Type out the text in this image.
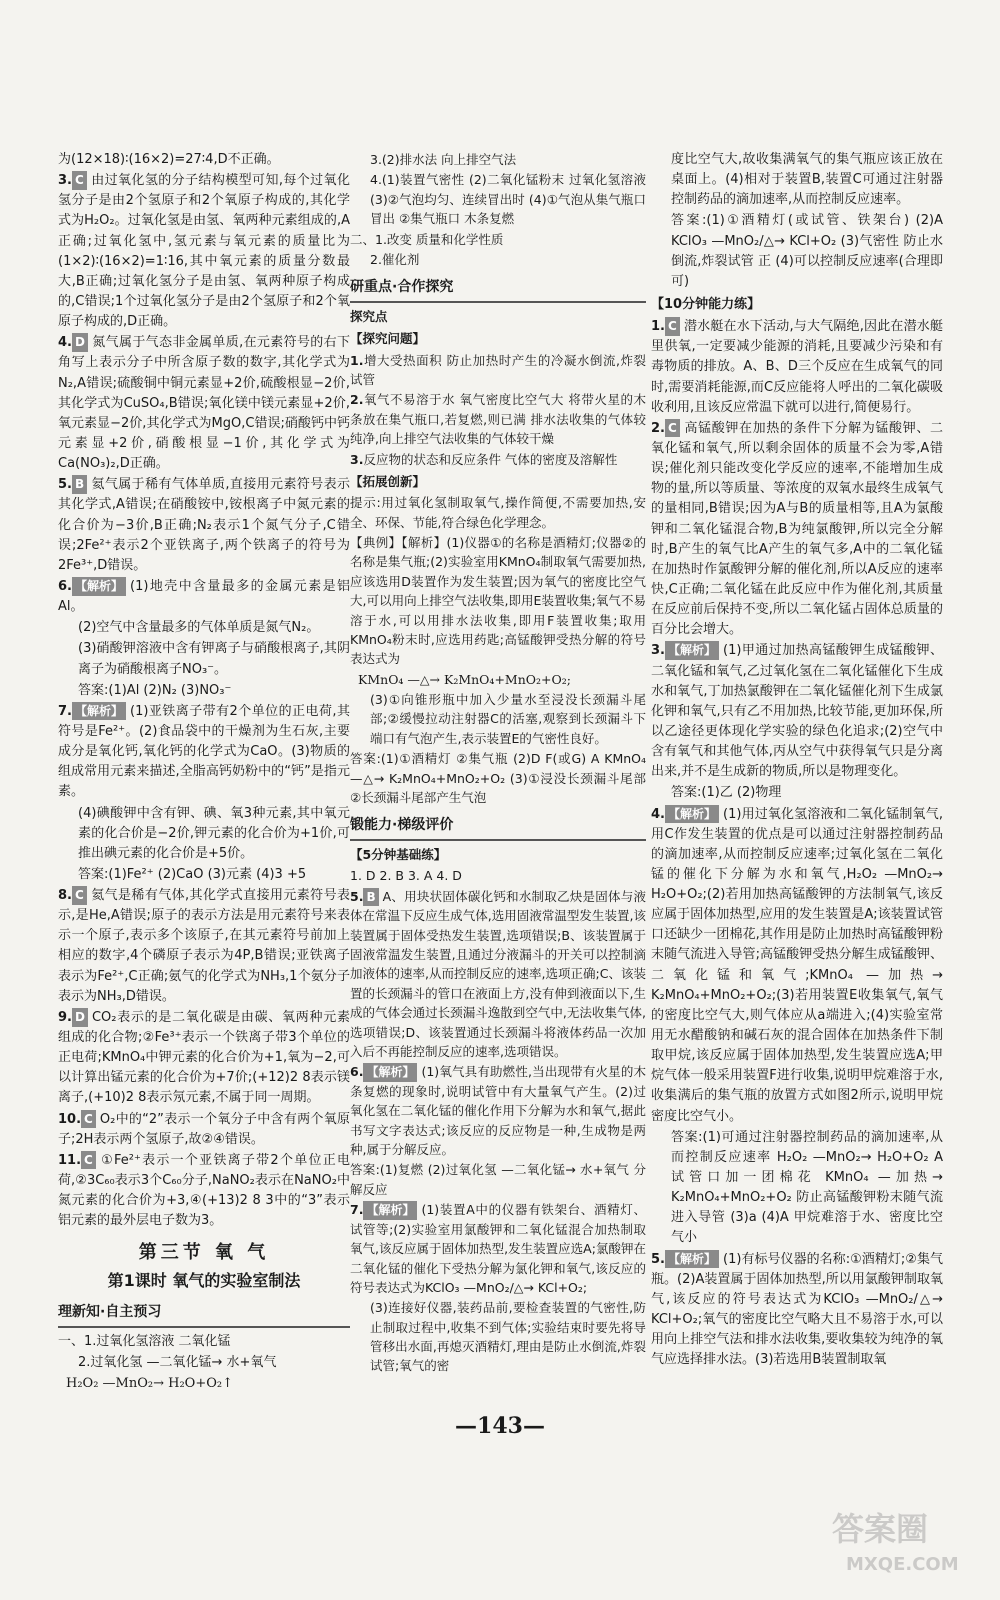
为(12×18)∶(16×2)=27∶4,D不正确。

3. C 由过氧化氢的分子结构模型可知,每个过氧化氢分子是由2个氢原子和2个氧原子构成的,其化学式为H₂O₂。过氧化氢是由氢、氧两种元素组成的,A正确;过氧化氢中,氢元素与氧元素的质量比为(1×2)∶(16×2)=1∶16,其中氧元素的质量分数最大,B正确;过氧化氢分子是由氢、氧两种原子构成的,C错误;1个过氧化氢分子是由2个氢原子和2个氧原子构成的,D正确。

4. D 氮气属于气态非金属单质,在元素符号的右下角写上表示分子中所含原子数的数字,其化学式为N₂,A错误;硫酸铜中铜元素显+2价,硫酸根显−2价,其化学式为CuSO₄,B错误;氧化镁中镁元素显+2价,氧元素显−2价,其化学式为MgO,C错误;硝酸钙中钙元素显+2价,硝酸根显−1价,其化学式为Ca(NO₃)₂,D正确。

5. B 氦气属于稀有气体单质,直接用元素符号表示其化学式,A错误;在硝酸铵中,铵根离子中氮元素的化合价为−3价,B正确;N₂表示1个氮气分子,C错误;2Fe²⁺表示2个亚铁离子,两个铁离子的符号为2Fe³⁺,D错误。

6. 【解析】 (1)地壳中含量最多的金属元素是铝Al。

(2)空气中含量最多的气体单质是氮气N₂。

(3)硝酸钾溶液中含有钾离子与硝酸根离子,其阴离子为硝酸根离子NO₃⁻。

答案:(1)Al (2)N₂ (3)NO₃⁻

7. 【解析】 (1)亚铁离子带有2个单位的正电荷,其符号是Fe²⁺。(2)食品袋中的干燥剂为生石灰,主要成分是氧化钙,氧化钙的化学式为CaO。(3)物质的组成常用元素来描述,全脂高钙奶粉中的“钙”是指元素。

(4)碘酸钾中含有钾、碘、氧3种元素,其中氧元素的化合价是−2价,钾元素的化合价为+1价,可推出碘元素的化合价是+5价。

答案:(1)Fe²⁺ (2)CaO (3)元素 (4)3 +5

8. C 氦气是稀有气体,其化学式直接用元素符号表示,是He,A错误;原子的表示方法是用元素符号来表示一个原子,表示多个该原子,在其元素符号前加上相应的数字,4个磷原子表示为4P,B错误;亚铁离子表示为Fe²⁺,C正确;氨气的化学式为NH₃,1个氨分子表示为NH₃,D错误。

9. D CO₂表示的是二氧化碳是由碳、氧两种元素组成的化合物;②Fe³⁺表示一个铁离子带3个单位的正电荷;KMnO₄中钾元素的化合价为+1,氧为−2,可以计算出锰元素的化合价为+7价;(+12)2 8表示镁离子,(+10)2 8表示氖元素,不属于同一周期。

10. C O₂中的“2”表示一个氧分子中含有两个氧原子;2H表示两个氢原子,故②④错误。

11. C ①Fe²⁺表示一个亚铁离子带2个单位正电荷,②3C₆₀表示3个C₆₀分子,NaNO₂表示在NaNO₂中氮元素的化合价为+3,④(+13)2 8 3中的“3”表示铝元素的最外层电子数为3。

第三节 氧 气
第1课时 氧气的实验室制法
理新知·自主预习

一、1.过氧化氢溶液 二氧化锰

2.过氧化氢 —二氧化锰→ 水+氧气

H₂O₂ —MnO₂→ H₂O+O₂↑

3.(2)排水法 向上排空气法

4.(1)装置气密性 (2)二氧化锰粉末 过氧化氢溶液 (3)②气泡均匀、连续冒出时 (4)①气泡从集气瓶口冒出 ②集气瓶口 木条复燃

二、1.改变 质量和化学性质

2.催化剂

研重点·合作探究
探究点
【探究问题】

1.增大受热面积 防止加热时产生的冷凝水倒流,炸裂试管

2.氧气不易溶于水 氧气密度比空气大 将带火星的木条放在集气瓶口,若复燃,则已满 排水法收集的气体较纯净,向上排空气法收集的气体较干燥

3.反应物的状态和反应条件 气体的密度及溶解性

【拓展创新】

提示:用过氧化氢制取氧气,操作简便,不需要加热,安全、环保、节能,符合绿色化学理念。

【典例】【解析】(1)仪器①的名称是酒精灯;仪器②的名称是集气瓶;(2)实验室用KMnO₄制取氧气需要加热,应该选用D装置作为发生装置;因为氧气的密度比空气大,可以用向上排空气法收集,即用E装置收集;氧气不易溶于水,可以用排水法收集,即用F装置收集;取用KMnO₄粉末时,应选用药匙;高锰酸钾受热分解的符号表达式为

KMnO₄ —△→ K₂MnO₄+MnO₂+O₂;

(3)①向锥形瓶中加入少量水至浸没长颈漏斗尾部;②缓慢拉动注射器C的活塞,观察到长颈漏斗下端口有气泡产生,表示装置E的气密性良好。

答案:(1)①酒精灯 ②集气瓶 (2)D F(或G) A KMnO₄ —△→ K₂MnO₄+MnO₂+O₂ (3)①浸没长颈漏斗尾部 ②长颈漏斗尾部产生气泡

锻能力·梯级评价
【5分钟基础练】

1. D 2. B 3. A 4. D

5. B A、用块状固体碳化钙和水制取乙炔是固体与液体在常温下反应生成气体,选用固液常温型发生装置,该装置属于固体受热发生装置,选项错误;B、该装置属于固液常温发生装置,且通过分液漏斗的开关可以控制滴加液体的速率,从而控制反应的速率,选项正确;C、该装置的长颈漏斗的管口在液面上方,没有伸到液面以下,生成的气体会通过长颈漏斗逸散到空气中,无法收集气体,选项错误;D、该装置通过长颈漏斗将液体药品一次加入后不再能控制反应的速率,选项错误。

6. 【解析】 (1)氧气具有助燃性,当出现带有火星的木条复燃的现象时,说明试管中有大量氧气产生。(2)过氧化氢在二氧化锰的催化作用下分解为水和氧气,据此书写文字表达式;该反应的反应物是一种,生成物是两种,属于分解反应。

答案:(1)复燃 (2)过氧化氢 —二氧化锰→ 水+氧气 分解反应

7. 【解析】 (1)装置A中的仪器有铁架台、酒精灯、试管等;(2)实验室用氯酸钾和二氧化锰混合加热制取氧气,该反应属于固体加热型,发生装置应选A;氯酸钾在二氧化锰的催化下受热分解为氯化钾和氧气,该反应的符号表达式为KClO₃ —MnO₂/△→ KCl+O₂;

(3)连接好仪器,装药品前,要检查装置的气密性,防止制取过程中,收集不到气体;实验结束时要先将导管移出水面,再熄灭酒精灯,理由是防止水倒流,炸裂试管;氧气的密

度比空气大,故收集满氧气的集气瓶应该正放在桌面上。(4)相对于装置B,装置C可通过注射器控制药品的滴加速率,从而控制反应速率。

答案:(1)①酒精灯(或试管、铁架台) (2)A KClO₃ —MnO₂/△→ KCl+O₂ (3)气密性 防止水倒流,炸裂试管 正 (4)可以控制反应速率(合理即可)

【10分钟能力练】

1. C 潜水艇在水下活动,与大气隔绝,因此在潜水艇里供氧,一定要减少能源的消耗,且要减少污染和有毒物质的排放。A、B、D三个反应在生成氧气的同时,需要消耗能源,而C反应能将人呼出的二氧化碳吸收利用,且该反应常温下就可以进行,简便易行。

2. C 高锰酸钾在加热的条件下分解为锰酸钾、二氧化锰和氧气,所以剩余固体的质量不会为零,A错误;催化剂只能改变化学反应的速率,不能增加生成物的量,所以等质量、等浓度的双氧水最终生成氧气的量相同,B错误;因为A与B的质量相等,且A为氯酸钾和二氧化锰混合物,B为纯氯酸钾,所以完全分解时,B产生的氧气比A产生的氧气多,A中的二氧化锰在加热时作氯酸钾分解的催化剂,所以A反应的速率快,C正确;二氧化锰在此反应中作为催化剂,其质量在反应前后保持不变,所以二氧化锰占固体总质量的百分比会增大。

3. 【解析】 (1)甲通过加热高锰酸钾生成锰酸钾、二氧化锰和氧气,乙过氧化氢在二氧化锰催化下生成水和氧气,丁加热氯酸钾在二氧化锰催化剂下生成氯化钾和氧气,只有乙不用加热,比较节能,更加环保,所以乙途径更体现化学实验的绿色化追求;(2)空气中含有氧气和其他气体,丙从空气中获得氧气只是分离出来,并不是生成新的物质,所以是物理变化。

答案:(1)乙 (2)物理

4. 【解析】 (1)用过氧化氢溶液和二氧化锰制氧气,用C作发生装置的优点是可以通过注射器控制药品的滴加速率,从而控制反应速率;过氧化氢在二氧化锰的催化下分解为水和氧气,H₂O₂ —MnO₂→ H₂O+O₂;(2)若用加热高锰酸钾的方法制氧气,该反应属于固体加热型,应用的发生装置是A;该装置试管口还缺少一团棉花,其作用是防止加热时高锰酸钾粉末随气流进入导管;高锰酸钾受热分解生成锰酸钾、二氧化锰和氧气;KMnO₄ —加热→ K₂MnO₄+MnO₂+O₂;(3)若用装置E收集氧气,氧气的密度比空气大,则气体应从a端进入;(4)实验室常用无水醋酸钠和碱石灰的混合固体在加热条件下制取甲烷,该反应属于固体加热型,发生装置应选A;甲烷气体一般采用装置F进行收集,说明甲烷难溶于水,收集满后的集气瓶的放置方式如图2所示,说明甲烷密度比空气小。

答案:(1)可通过注射器控制药品的滴加速率,从而控制反应速率 H₂O₂ —MnO₂→ H₂O+O₂ A 试管口加一团棉花 KMnO₄ —加热→ K₂MnO₄+MnO₂+O₂ 防止高锰酸钾粉末随气流进入导管 (3)a (4)A 甲烷难溶于水、密度比空气小

5. 【解析】 (1)有标号仪器的名称:①酒精灯;②集气瓶。(2)A装置属于固体加热型,所以用氯酸钾制取氧气,该反应的符号表达式为KClO₃ —MnO₂/△→ KCl+O₂;氧气的密度比空气略大且不易溶于水,可以用向上排空气法和排水法收集,要收集较为纯净的氧气应选择排水法。(3)若选用B装置制取氧

—143—
答案圈
MXQE.COM
